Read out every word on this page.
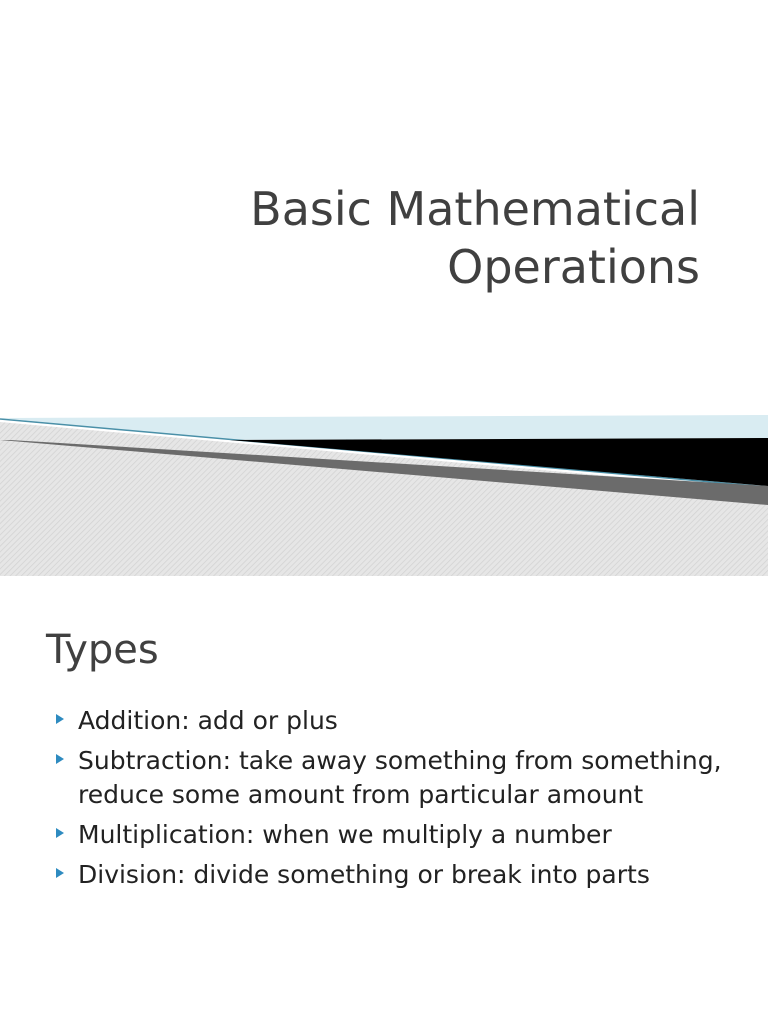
Basic Mathematical
Operations
Types
Addition: add or plus
Subtraction: take away something from something, reduce some amount from particular amount
Multiplication: when we multiply a number
Division: divide something or break into parts
